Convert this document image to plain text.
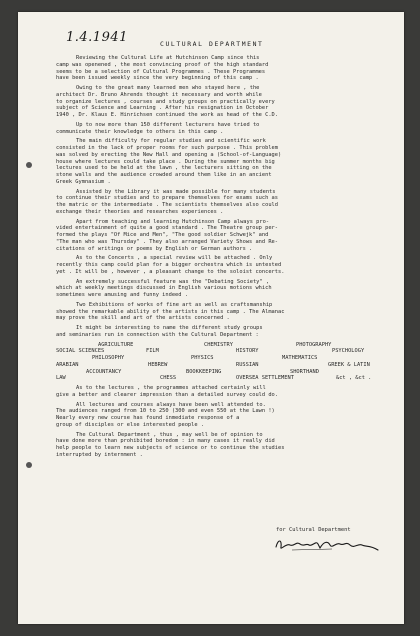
1.4.1941	CULTURAL DEPARTMENT
Reviewing the Cultural Life at Hutchinson Camp since this
camp was openened , the most convincing proof of the high standard
seems to be a selection of Cultural Programmes . These Programmes
have been issued weekly since the very beginning of this camp .
Owing to the great many learned men who stayed here , the
architect Dr. Bruno Ahrends thought it necessary and worth while
to organize lectures , courses and study groups on practically every
subject of Science and Learning . After his resignation in October
1940 , Dr. Klaus E. Hinrichsen continued the work as head of the C.D.
Up to now more than 150 different lecturers have tried to
communicate their knowledge to others in this camp .
The main difficulty for regular studies and scientific work
consisted in the lack of proper rooms for such purpose . This problem
was solved by erecting the New Hall and opening a (School-of-Language)
house where lectures could take place . During the summer months big
lectures used to be held at the lawn , the lecturers sitting on the
stone walls and the audience crowded around them like in an ancient
Greek Gymnasium .
Assisted by the Library it was made possible for many students
to continue their studies and to prepare themselves for exams such as
the matric or the intermediate . The scientists themselves also could
exchange their theories and researches experiences .
Apart from teaching and learning Hutchinson Camp always pro-
vided entertainment of quite a good standard . The Theatre group per-
formed the plays "Of Mice and Men", "The good soldier Schwejk" and
"The man who was Thursday" . They also arranged Variety Shows and Re-
citations of writings or poems by English or German authors .
As to the Concerts , a special review will be attached . Only
recently this camp could plan for a bigger orchestra which is untested
yet . It will be , however , a pleasant change to the soloist concerts.
An extremely successful feature was the "Debating Society" ,
which at weekly meetings discussed in English various motions which
sometimes were amusing and funny indeed .
Two Exhibitions of works of fine art as well as craftsmanship
showed the remarkable ability of the artists in this camp . The Almanac
may prove the skill and art of the artists concerned .
It might be interesting to name the different study groups
and seminaries run in connection with the Cultural Department :
AGRICULTURE	CHEMISTRY	PHOTOGRAPHY
SOCIAL SCIENCES	FILM	HISTORY	PSYCHOLOGY
PHILOSOPHY	PHYSICS	MATHEMATICS
ARABIAN	HEBREW	RUSSIAN	GREEK & LATIN
ACCOUNTANCY	BOOKKEEPING	SHORTHAND
LAW	CHESS	OVERSEA SETTLEMENT	&ct , &ct .
As to the lectures , the programmes attached certainly will
give a better and clearer impression than a detailed survey could do.
All lectures and courses always have been well attended to.
The audiences ranged from 10 to 250 (300 and even 550 at the Lawn !)
Nearly every new course has found inmediate response of a
group of disciples or else interested people .
The Cultural Department , thus , may well be of opinion to
have done more than prohibited boredom : in many cases it really did
help people to learn new subjects of science or to continue the studies
interrupted by internment .
for Cultural Department
